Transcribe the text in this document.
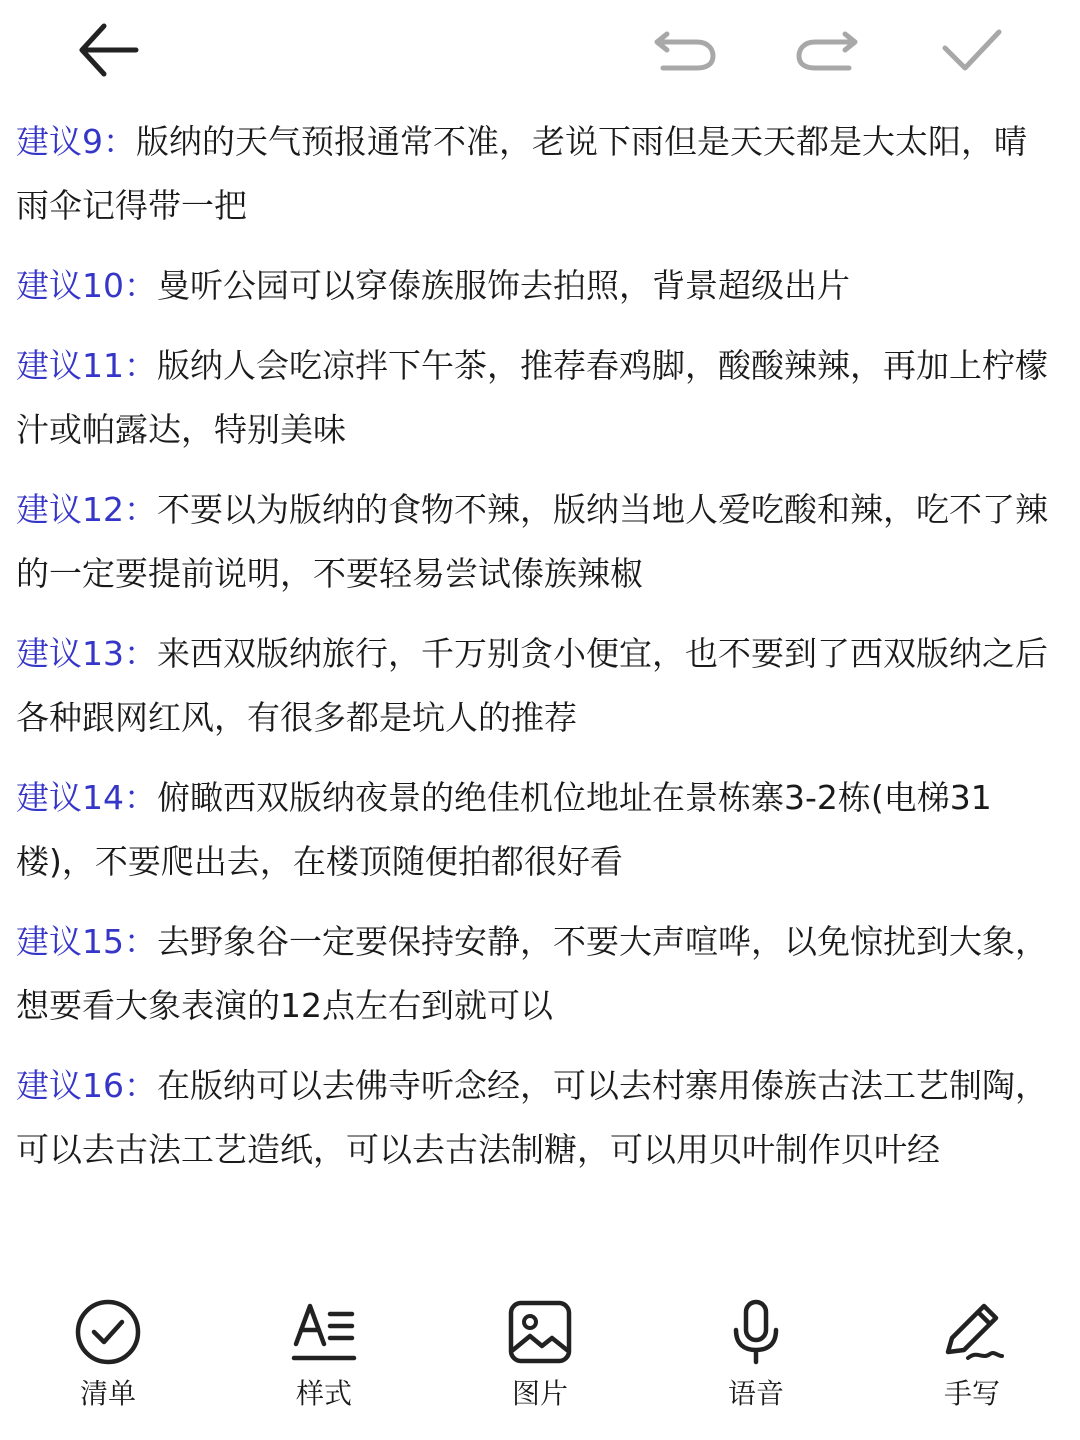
建议9：版纳的天气预报通常不准，老说下雨但是天天都是大太阳，晴雨伞记得带一把

建议10：曼听公园可以穿傣族服饰去拍照，背景超级出片

建议11：版纳人会吃凉拌下午茶，推荐春鸡脚，酸酸辣辣，再加上柠檬汁或帕露达，特别美味

建议12：不要以为版纳的食物不辣，版纳当地人爱吃酸和辣，吃不了辣的一定要提前说明，不要轻易尝试傣族辣椒

建议13：来西双版纳旅行，千万别贪小便宜，也不要到了西双版纳之后各种跟网红风，有很多都是坑人的推荐

建议14：俯瞰西双版纳夜景的绝佳机位地址在景栋寨3-2栋(电梯31楼)，不要爬出去，在楼顶随便拍都很好看

建议15：去野象谷一定要保持安静，不要大声喧哗，以免惊扰到大象，想要看大象表演的12点左右到就可以

建议16：在版纳可以去佛寺听念经，可以去村寨用傣族古法工艺制陶，可以去古法工艺造纸，可以去古法制糖，可以用贝叶制作贝叶经

清单	样式	图片	语音	手写
